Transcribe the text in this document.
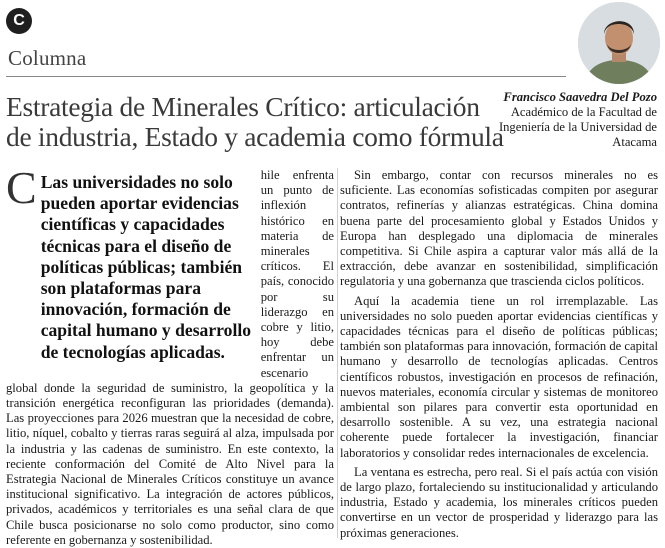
C
Columna
Estrategia de Minerales Crítico: articulación de industria, Estado y academia como fórmula
Francisco Saavedra Del Pozo
Académico de la Facultad de Ingeniería de la Universidad de Atacama

C Las universidades no solo pueden aportar evidencias científicas y capacidades técnicas para el diseño de políticas públicas; también son plataformas para innovación, formación de capital humano y desarrollo de tecnologías aplicadas.
hile enfrenta un punto de inflexión histórico en materia de minerales críticos. El país, conocido por su liderazgo en cobre y litio, hoy debe enfrentar un escenario global donde la seguridad de suministro, la geopolítica y la transición energética reconfiguran las prioridades (demanda). Las proyecciones para 2026 muestran que la necesidad de cobre, litio, níquel, cobalto y tierras raras seguirá al alza, impulsada por la industria y las cadenas de suministro. En este contexto, la reciente conformación del Comité de Alto Nivel para la Estrategia Nacional de Minerales Críticos constituye un avance institucional significativo. La integración de actores públicos, privados, académicos y territoriales es una señal clara de que Chile busca posicionarse no solo como productor, sino como referente en gobernanza y sostenibilidad.

Sin embargo, contar con recursos minerales no es suficiente. Las economías sofisticadas compiten por asegurar contratos, refinerías y alianzas estratégicas. China domina buena parte del procesamiento global y Estados Unidos y Europa han desplegado una diplomacia de minerales competitiva. Si Chile aspira a capturar valor más allá de la extracción, debe avanzar en sostenibilidad, simplificación regulatoria y una gobernanza que trascienda ciclos políticos.

Aquí la academia tiene un rol irremplazable. Las universidades no solo pueden aportar evidencias científicas y capacidades técnicas para el diseño de políticas públicas; también son plataformas para innovación, formación de capital humano y desarrollo de tecnologías aplicadas. Centros científicos robustos, investigación en procesos de refinación, nuevos materiales, economía circular y sistemas de monitoreo ambiental son pilares para convertir esta oportunidad en desarrollo sostenible. A su vez, una estrategia nacional coherente puede fortalecer la investigación, financiar laboratorios y consolidar redes internacionales de excelencia.

La ventana es estrecha, pero real. Si el país actúa con visión de largo plazo, fortaleciendo su institucionalidad y articulando industria, Estado y academia, los minerales críticos pueden convertirse en un vector de prosperidad y liderazgo para las próximas generaciones.
